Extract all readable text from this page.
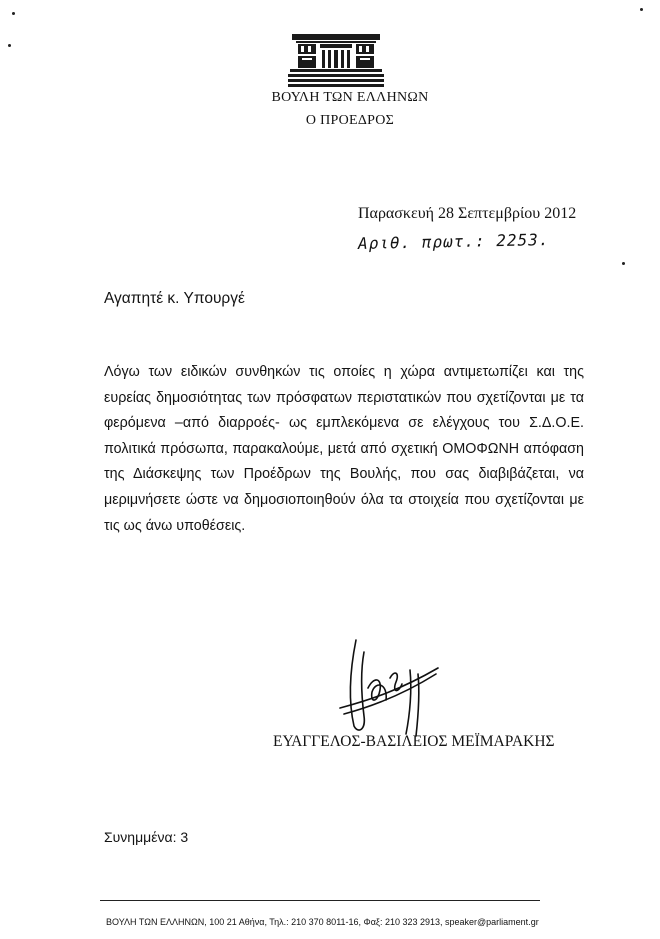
ΒΟΥΛΗ ΤΩΝ ΕΛΛΗΝΩΝ
Ο ΠΡΟΕΔΡΟΣ
Παρασκευή 28 Σεπτεμβρίου 2012
Αριθ. πρωτ.: 2253.
Αγαπητέ κ. Υπουργέ

Λόγω των ειδικών συνθηκών τις οποίες η χώρα αντιμετωπίζει και της ευρείας δημοσιότητας των πρόσφατων περιστατικών που σχετίζονται με τα φερόμενα –από διαρροές- ως εμπλεκόμενα σε ελέγχους του Σ.Δ.Ο.Ε. πολιτικά πρόσωπα, παρακαλούμε, μετά από σχετική ΟΜΟΦΩΝΗ απόφαση της Διάσκεψης των Προέδρων της Βουλής, που σας διαβιβάζεται, να μεριμνήσετε ώστε να δημοσιοποιηθούν όλα τα στοιχεία που σχετίζονται με τις ως άνω υποθέσεις.

ΕΥΑΓΓΕΛΟΣ-ΒΑΣΙΛΕΙΟΣ ΜΕΪΜΑΡΑΚΗΣ
Συνημμένα: 3
ΒΟΥΛΗ ΤΩΝ ΕΛΛΗΝΩΝ, 100 21 Αθήνα, Τηλ.: 210 370 8011-16, Φαξ: 210 323 2913, speaker@parliament.gr
